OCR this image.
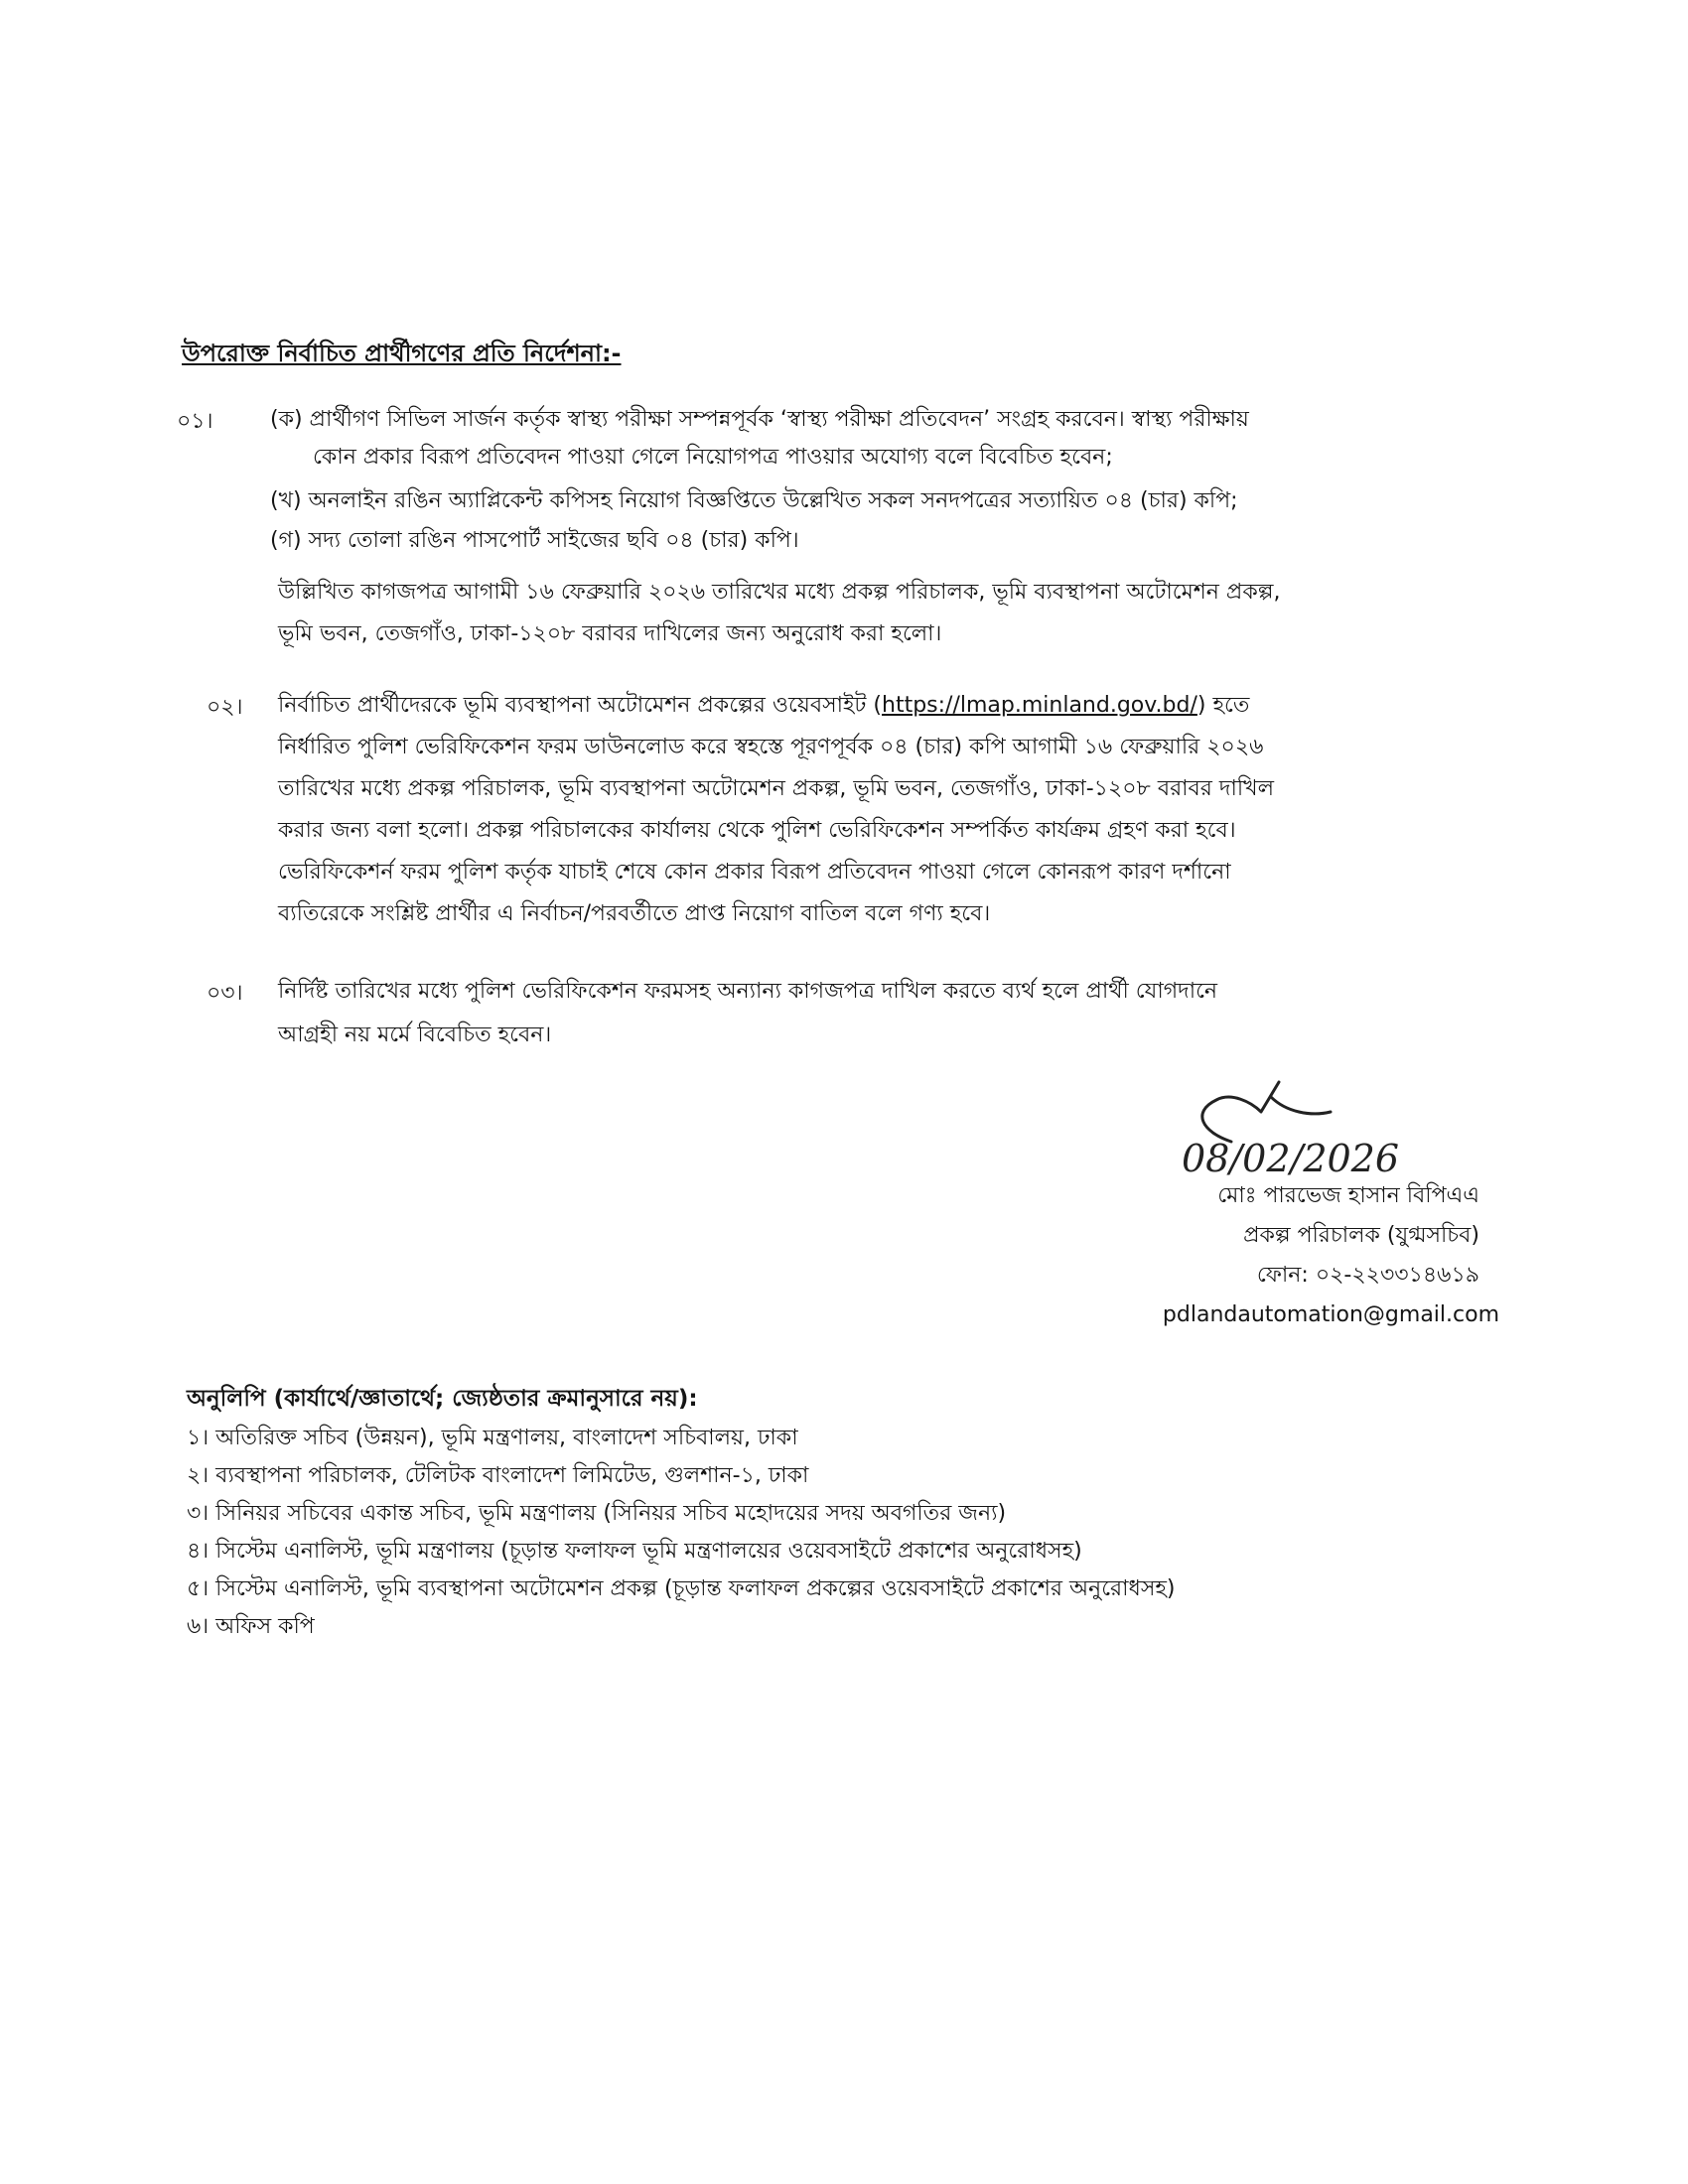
উপরোক্ত নির্বাচিত প্রার্থীগণের প্রতি নির্দেশনা:-
০১।	(ক) প্রার্থীগণ সিভিল সার্জন কর্তৃক স্বাস্থ্য পরীক্ষা সম্পন্নপূর্বক ‘স্বাস্থ্য পরীক্ষা প্রতিবেদন’ সংগ্রহ করবেন। স্বাস্থ্য পরীক্ষায়

কোন প্রকার বিরূপ প্রতিবেদন পাওয়া গেলে নিয়োগপত্র পাওয়ার অযোগ্য বলে বিবেচিত হবেন;

(খ) অনলাইন রঙিন অ্যাপ্লিকেন্ট কপিসহ নিয়োগ বিজ্ঞপ্তিতে উল্লেখিত সকল সনদপত্রের সত্যায়িত ০৪ (চার) কপি;

(গ) সদ্য তোলা রঙিন পাসপোর্ট সাইজের ছবি ০৪ (চার) কপি।

উল্লিখিত কাগজপত্র আগামী ১৬ ফেব্রুয়ারি ২০২৬ তারিখের মধ্যে প্রকল্প পরিচালক, ভূমি ব্যবস্থাপনা অটোমেশন প্রকল্প,

ভূমি ভবন, তেজগাঁও, ঢাকা-১২০৮ বরাবর দাখিলের জন্য অনুরোধ করা হলো।

০২। নির্বাচিত প্রার্থীদেরকে ভূমি ব্যবস্থাপনা অটোমেশন প্রকল্পের ওয়েবসাইট (https://lmap.minland.gov.bd/) হতে

নির্ধারিত পুলিশ ভেরিফিকেশন ফরম ডাউনলোড করে স্বহস্তে পূরণপূর্বক ০৪ (চার) কপি আগামী ১৬ ফেব্রুয়ারি ২০২৬

তারিখের মধ্যে প্রকল্প পরিচালক, ভূমি ব্যবস্থাপনা অটোমেশন প্রকল্প, ভূমি ভবন, তেজগাঁও, ঢাকা-১২০৮ বরাবর দাখিল

করার জন্য বলা হলো। প্রকল্প পরিচালকের কার্যালয় থেকে পুলিশ ভেরিফিকেশন সম্পর্কিত কার্যক্রম গ্রহণ করা হবে।

ভেরিফিকেশর্ন ফরম পুলিশ কর্তৃক যাচাই শেষে কোন প্রকার বিরূপ প্রতিবেদন পাওয়া গেলে কোনরূপ কারণ দর্শানো

ব্যতিরেকে সংশ্লিষ্ট প্রার্থীর এ নির্বাচন/পরবর্তীতে প্রাপ্ত নিয়োগ বাতিল বলে গণ্য হবে।

০৩। নির্দিষ্ট তারিখের মধ্যে পুলিশ ভেরিফিকেশন ফরমসহ অন্যান্য কাগজপত্র দাখিল করতে ব্যর্থ হলে প্রার্থী যোগদানে

আগ্রহী নয় মর্মে বিবেচিত হবেন।

08/02/2026

মোঃ পারভেজ হাসান বিপিএএ

প্রকল্প পরিচালক (যুগ্মসচিব)

ফোন: ০২-২২৩৩১৪৬১৯

pdlandautomation@gmail.com

অনুলিপি (কার্যার্থে/জ্ঞাতার্থে; জ্যেষ্ঠতার ক্রমানুসারে নয়):
১। অতিরিক্ত সচিব (উন্নয়ন), ভূমি মন্ত্রণালয়, বাংলাদেশ সচিবালয়, ঢাকা
২। ব্যবস্থাপনা পরিচালক, টেলিটক বাংলাদেশ লিমিটেড, গুলশান-১, ঢাকা
৩। সিনিয়র সচিবের একান্ত সচিব, ভূমি মন্ত্রণালয় (সিনিয়র সচিব মহোদয়ের সদয় অবগতির জন্য)
৪। সিস্টেম এনালিস্ট, ভূমি মন্ত্রণালয় (চূড়ান্ত ফলাফল ভূমি মন্ত্রণালয়ের ওয়েবসাইটে প্রকাশের অনুরোধসহ)
৫। সিস্টেম এনালিস্ট, ভূমি ব্যবস্থাপনা অটোমেশন প্রকল্প (চূড়ান্ত ফলাফল প্রকল্পের ওয়েবসাইটে প্রকাশের অনুরোধসহ)
৬। অফিস কপি
